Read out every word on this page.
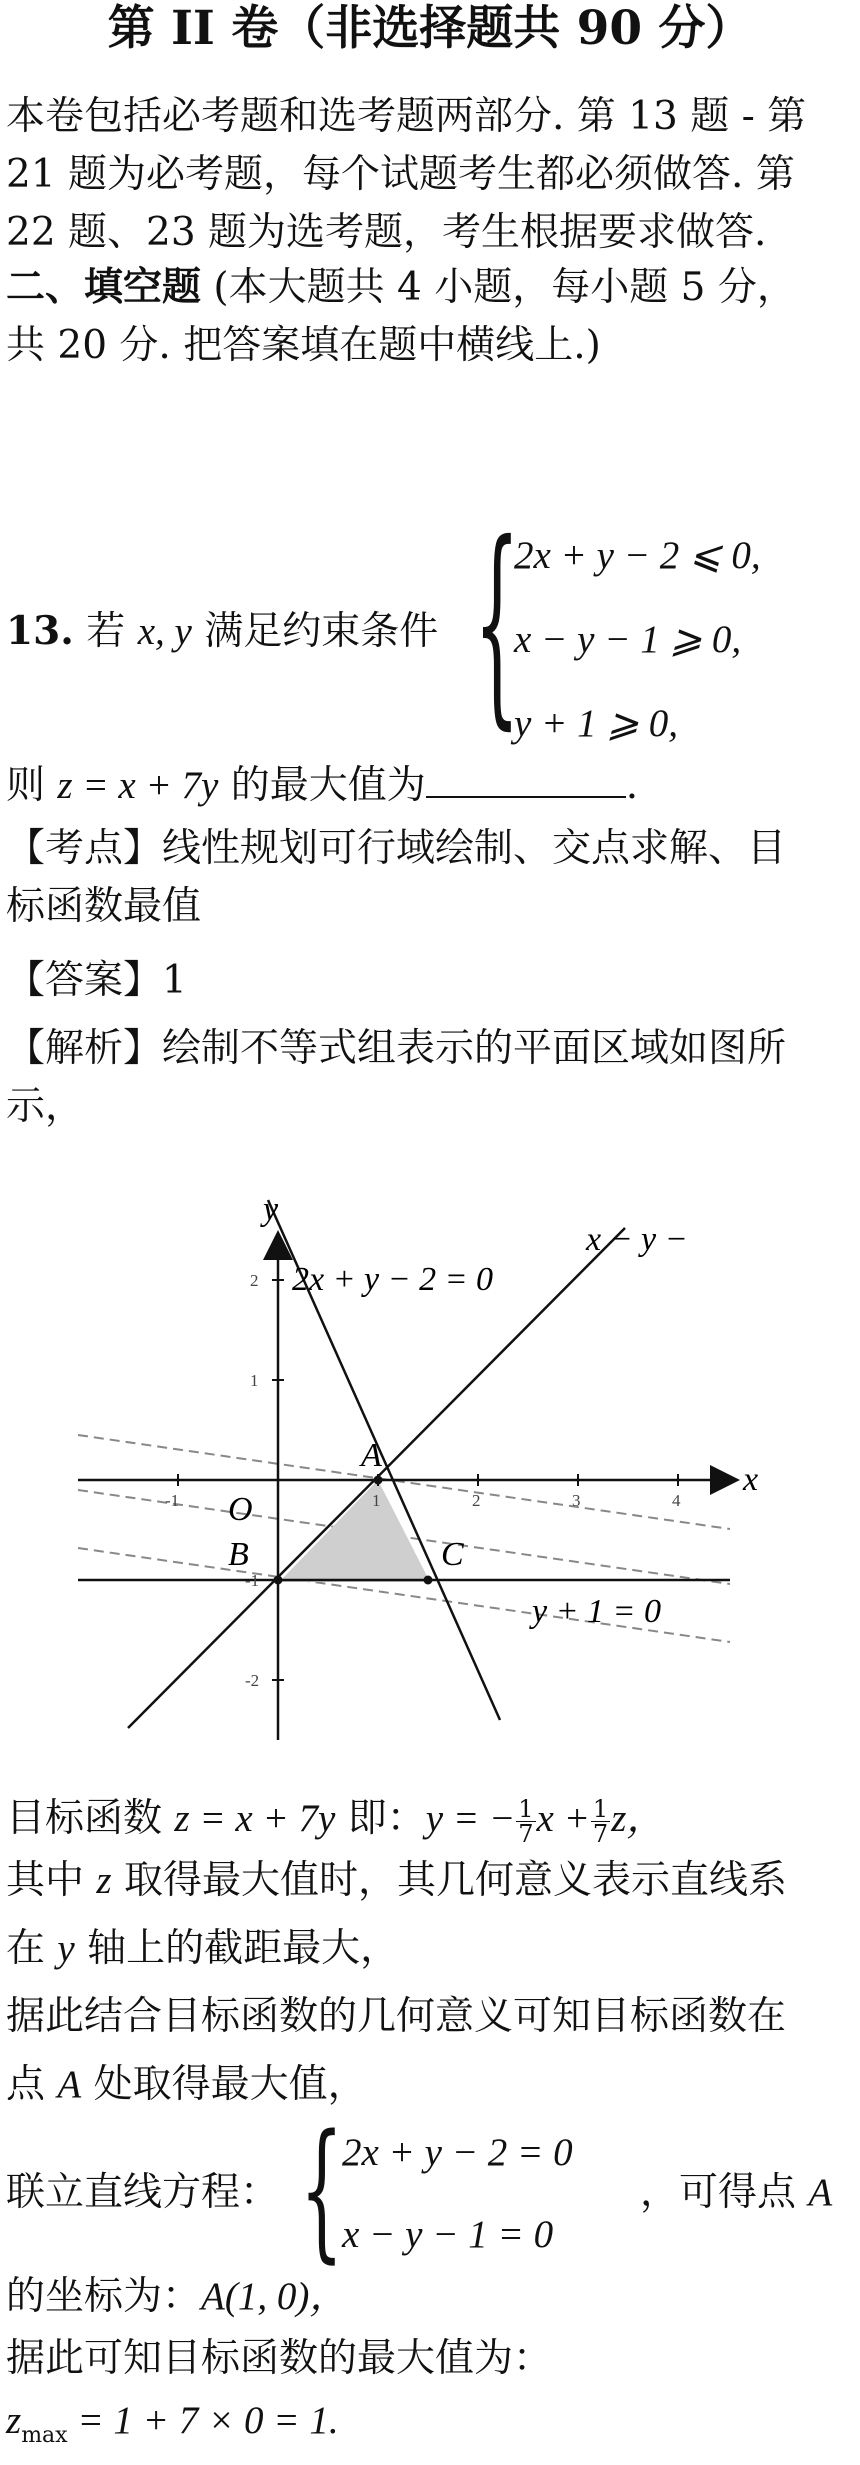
第 II 卷（非选择题共 90 分）
本卷包括必考题和选考题两部分. 第 13 题 - 第 21 题为必考题，每个试题考生都必须做答. 第 22 题、23 题为选考题，考生根据要求做答.
二、填空题 (本大题共 4 小题，每小题 5 分，
共 20 分. 把答案填在题中横线上.)
13. 若 x, y 满足约束条件 {
2x + y − 2 ⩽ 0,
x − y − 1 ⩾ 0,
y + 1 ⩾ 0,
则 z = x + 7y 的最大值为	.
【考点】线性规划可行域绘制、交点求解、目
标函数最值
【答案】1
【解析】绘制不等式组表示的平面区域如图所
示，
-1	1	2	3	4
2
1
-1
-2
x
y
O
A
B	C
2x + y − 2 = 0
x − y −
y + 1 = 0
目标函数 z = x + 7y 即：y = − $\frac{1}{7}$ $x + \frac{1}{7}$ z，
其中 z 取得最大值时，其几何意义表示直线系
在 y 轴上的截距最大，
据此结合目标函数的几何意义可知目标函数在
点 A 处取得最大值，
联立直线方程： {
2x + y − 2 = 0
x − y − 1 = 0
，可得点 A
的坐标为：A(1, 0)，
据此可知目标函数的最大值为：
$z_{max} = 1 + 7 \times 0 = 1$.
